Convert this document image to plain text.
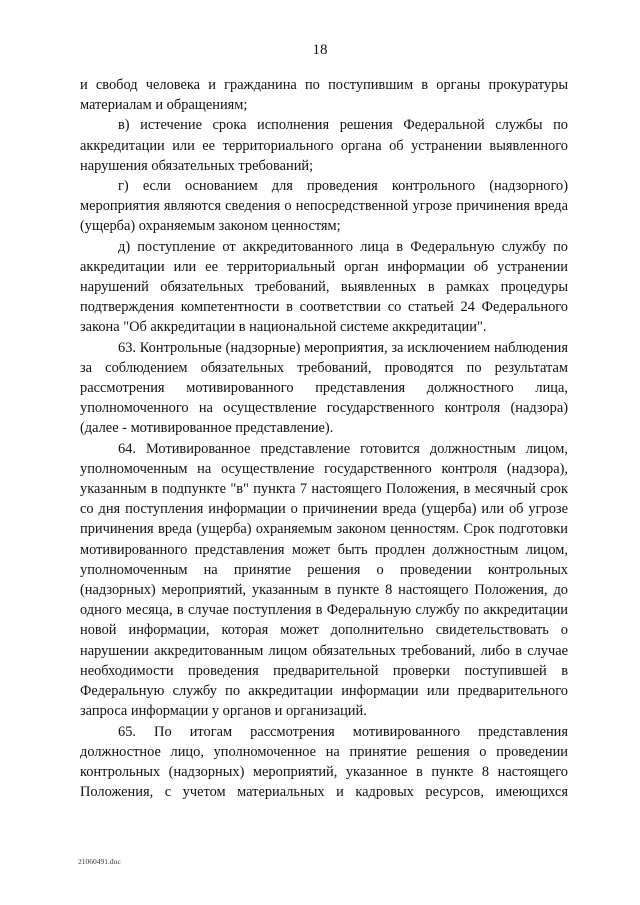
18

и свобод человека и гражданина по поступившим в органы прокуратуры материалам и обращениям;

в) истечение срока исполнения решения Федеральной службы по аккредитации или ее территориального органа об устранении выявленного нарушения обязательных требований;

г) если основанием для проведения контрольного (надзорного) мероприятия являются сведения о непосредственной угрозе причинения вреда (ущерба) охраняемым законом ценностям;

д) поступление от аккредитованного лица в Федеральную службу по аккредитации или ее территориальный орган информации об устранении нарушений обязательных требований, выявленных в рамках процедуры подтверждения компетентности в соответствии со статьей 24 Федерального закона "Об аккредитации в национальной системе аккредитации".

63. Контрольные (надзорные) мероприятия, за исключением наблюдения за соблюдением обязательных требований, проводятся по результатам рассмотрения мотивированного представления должностного лица, уполномоченного на осуществление государственного контроля (надзора) (далее - мотивированное представление).

64. Мотивированное представление готовится должностным лицом, уполномоченным на осуществление государственного контроля (надзора), указанным в подпункте "в" пункта 7 настоящего Положения, в месячный срок со дня поступления информации о причинении вреда (ущерба) или об угрозе причинения вреда (ущерба) охраняемым законом ценностям. Срок подготовки мотивированного представления может быть продлен должностным лицом, уполномоченным на принятие решения о проведении контрольных (надзорных) мероприятий, указанным в пункте 8 настоящего Положения, до одного месяца, в случае поступления в Федеральную службу по аккредитации новой информации, которая может дополнительно свидетельствовать о нарушении аккредитованным лицом обязательных требований, либо в случае необходимости проведения предварительной проверки поступившей в Федеральную службу по аккредитации информации или предварительного запроса информации у органов и организаций.

65. По итогам рассмотрения мотивированного представления должностное лицо, уполномоченное на принятие решения о проведении контрольных (надзорных) мероприятий, указанное в пункте 8 настоящего Положения, с учетом материальных и кадровых ресурсов, имеющихся

21060491.doc
